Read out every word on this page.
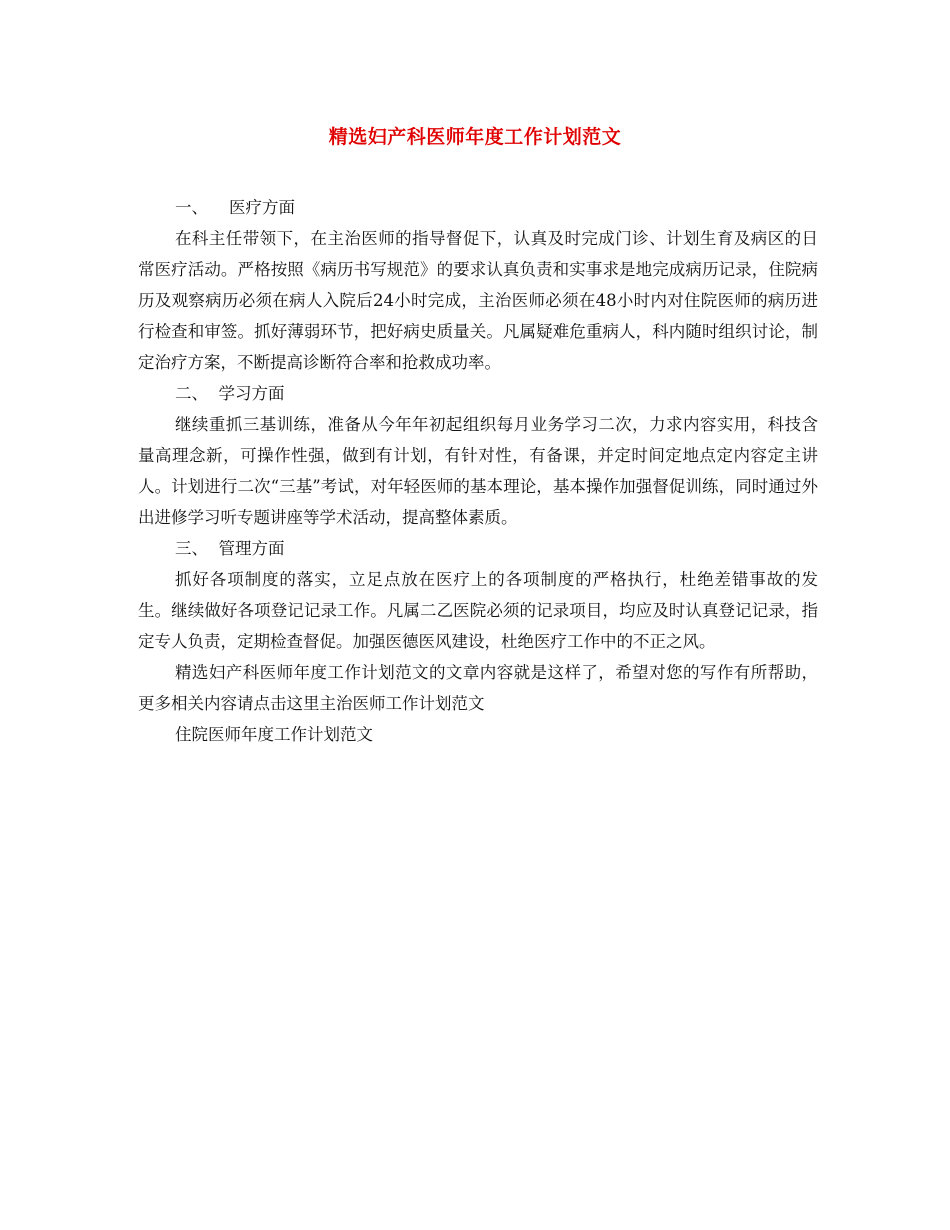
精选妇产科医师年度工作计划范文
一、    医疗方面

在科主任带领下，在主治医师的指导督促下，认真及时完成门诊、计划生育及病区的日常医疗活动。严格按照《病历书写规范》的要求认真负责和实事求是地完成病历记录，住院病历及观察病历必须在病人入院后24小时完成，主治医师必须在48小时内对住院医师的病历进行检查和审签。抓好薄弱环节，把好病史质量关。凡属疑难危重病人，科内随时组织讨论，制定治疗方案，不断提高诊断符合率和抢救成功率。

二、  学习方面

继续重抓三基训练，准备从今年年初起组织每月业务学习二次，力求内容实用，科技含量高理念新，可操作性强，做到有计划，有针对性，有备课，并定时间定地点定内容定主讲人。计划进行二次“三基”考试，对年轻医师的基本理论，基本操作加强督促训练，同时通过外出进修学习听专题讲座等学术活动，提高整体素质。

三、  管理方面

抓好各项制度的落实，立足点放在医疗上的各项制度的严格执行，杜绝差错事故的发生。继续做好各项登记记录工作。凡属二乙医院必须的记录项目，均应及时认真登记记录，指定专人负责，定期检查督促。加强医德医风建设，杜绝医疗工作中的不正之风。

精选妇产科医师年度工作计划范文的文章内容就是这样了，希望对您的写作有所帮助，更多相关内容请点击这里主治医师工作计划范文

住院医师年度工作计划范文
